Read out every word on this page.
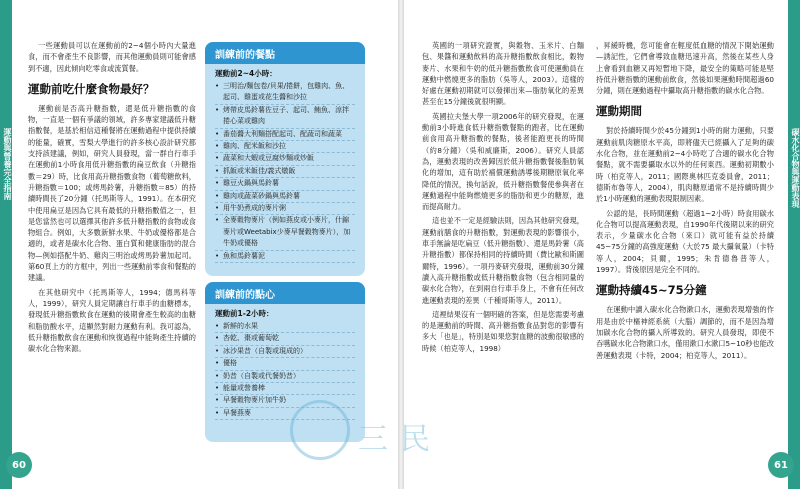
運動與營養完全指南	碳水化合物與運動表現

一些運動員可以在運動前的2~4個小時內大量進食，而不會產生不良影響，而其他運動員則可能會感到不適，因此傾向吃零食或流質餐。

運動前吃什麼食物最好？

運動前是否高升糖指數，還是低升糖指數的食物，一直是一個有爭議的領域，許多專家建議低升糖指數餐，是基於相信這種餐將在運動過程中提供持續的能量，確實，雪梨大學進行的許多核心設計研究都支持該建議，例如，研究人員發現，當一群自行車手在運動前1小時食用低升糖指數的扁豆飲食（升糖指數＝29）時，比食用高升糖指數食物（葡萄糖飲料，升糖指數＝100；或烤馬鈴薯，升糖指數＝85）的持續時間長了20分鐘（托馬斯等人，1991）。在本研究中使用扁豆是因為它具有最低的升糖指數值之一，但是您當然也可以選擇其他許多低升糖指數的食物或食物組合。例如，大多數新鮮水果、牛奶或優格都是合適的，或者是碳水化合物、蛋白質和健康脂肪的混合物—例如搭配牛奶、雞肉三明治或烤馬鈴薯加起司。第60頁上方的方框中，列出一些運動前零食和餐點的建議。

在其他研究中（托馬斯等人，1994；德馬科等人，1999），研究人員定期讓自行車手的血糖標本，發現低升糖指數飲食在運動的後期會產生較高的血糖和脂肪酸水平，這顯然對耐力運動有利。我可認為，低升糖指數飲食在運動和恢復過程中能夠產生持續的碳水化合物來源。

訓練前的餐點
運動前2~4小時：
• 三明治/麵包卷/貝果/捲餅，包雞肉、魚、起司、雞蛋或花生醬和沙拉
• 烤帶皮馬鈴薯佐豆子、起司、鮪魚、涼拌捲心菜或雞肉
• 番茄醬大利麵搭配起司、配蔬司和蔬菜
• 雞肉、配米飯和沙拉
• 蔬菜和大蝦或豆腐炒麵或炒飯
• 抓飯或米飯佳/義式燉飯
• 雞豆火鍋與馬鈴薯
• 雞肉或蔬菜砂鍋與馬鈴薯
• 用牛奶煮成的麥片粥
• 全麥穀物麥片（例如燕皮或小麥片，什錦麥片或Weetabix少麥早餐穀物麥片），加牛奶或優格
• 魚和馬鈴薯泥
訓練前的點心
運動前1-2小時：
• 新鮮的水果
• 杏乾、棗或葡萄乾
• 冰沙果昔（自製或現成的）
• 優格
• 奶昔（自製或代餐奶昔）
• 能量或營養棒
• 早餐穀物麥片加牛奶
• 早餐燕麥

英國的一項研究證實，與穀物、玉米片、白麵包、果醬和運動飲料的高升糖指數飲食相比，穀物麥片、水果和牛奶的低升糖指數飲食可使運動員在運動中燃燒更多的脂肪（吳等人，2003）。這樣的好處在運動初期就可以發揮出來—脂肪氧化的差異甚至在15分鐘後就很明顯。

英國拉夫堡大學一項2006年的研究發現，在運動前3小時進食低升糖指數餐點的跑者，比在運動前食用高升糖指數的餐點，後者能跑更長的時間（約8分鐘）（吳和威廉斯，2006）。研究人員認為，運動表現的改善歸因於低升糖指數餐後脂肪氧化的增加，這有助於補償運動誘導後期糖原氧化率降低的情況，換句話說，低升糖指數餐使參與者在運動過程中能夠燃燒更多的脂肪和更少的糖原，進而提高耐力。

這也並不一定是經驗法則，因為其他研究發現，運動前膳食的升糖指數，對運動表現的影響很小，車手無論是吃扁豆（低升糖指數）、還是馬鈴薯（高升糖指數）都保持相同的持續時間（費比歐和斯圖爾特，1996）。一項丹麥研究發現，運動前30分鐘讀入高升糖指數或低升糖指數食物（包含相同量的碳水化合物），在到兩自行車手身上，不會有任何改進運動表現的差異（千種哥斯等人，2011）。

這裡結果沒有一個明確的答案，但是您需要考慮的是運動前的時間、高升糖指數食品對您的影響有多大「也是」，特別是如果您對血糖的波動很敏感的時候（柏克等人，1998）

，昇緩時機，您可能會在輕度低血糖的情況下開始運動—誘記性，它們會導致血糖迅速升高，然後在某些人身上會看到血糖又再短暫地下降，最安全的策略可能是堅持低升糖指數的運動前飲食，然後如果運動時間超過60分鐘，則在運動過程中攝取高升糖指數的碳水化合物。

運動期間

對於持續時間少於45分鐘到1小時的耐力運動，只要運動前肌肉糖原水平高，即將儘天已經攝入了足夠的碳水化合物，並在運動前2~4小時吃了合適的碳水化合物餐點，就不需要攝取水以外的任何東西。運動初期數小時（柏克等人，2011；國際奧林匹克委員會，2011；德斯布魯等人，2004），肌肉糖原通常不是持續時間少於1小時運動的運動表現限制因素。

公認的是，長時間運動（超過1~2小時）時食用碳水化合物可以提高運動表現，自1990年代後期以來的研究表示，少量碳水化合物（來口）就可能有益於持續45~75分鐘的高強度運動（大於75 最大攝氧量）（卡特等人，2004；貝爾，1995；朱肯德魯普等人，1997）。背後原因是完全不同的。

運動持續45~75分鐘

在運動中讀入碳水化合物漱口水，運動表現增強的作用是由於中樞神經系統（大腦）調節的，而不是因為增加碳水化合物的攝入所導致的。研究人員發現，即使不吞嚥碳水化合物漱口水，僅用漱口水漱口5~10秒也能改善運動表現（卡特，2004；柏克等人，2011）。

三民
60	61
